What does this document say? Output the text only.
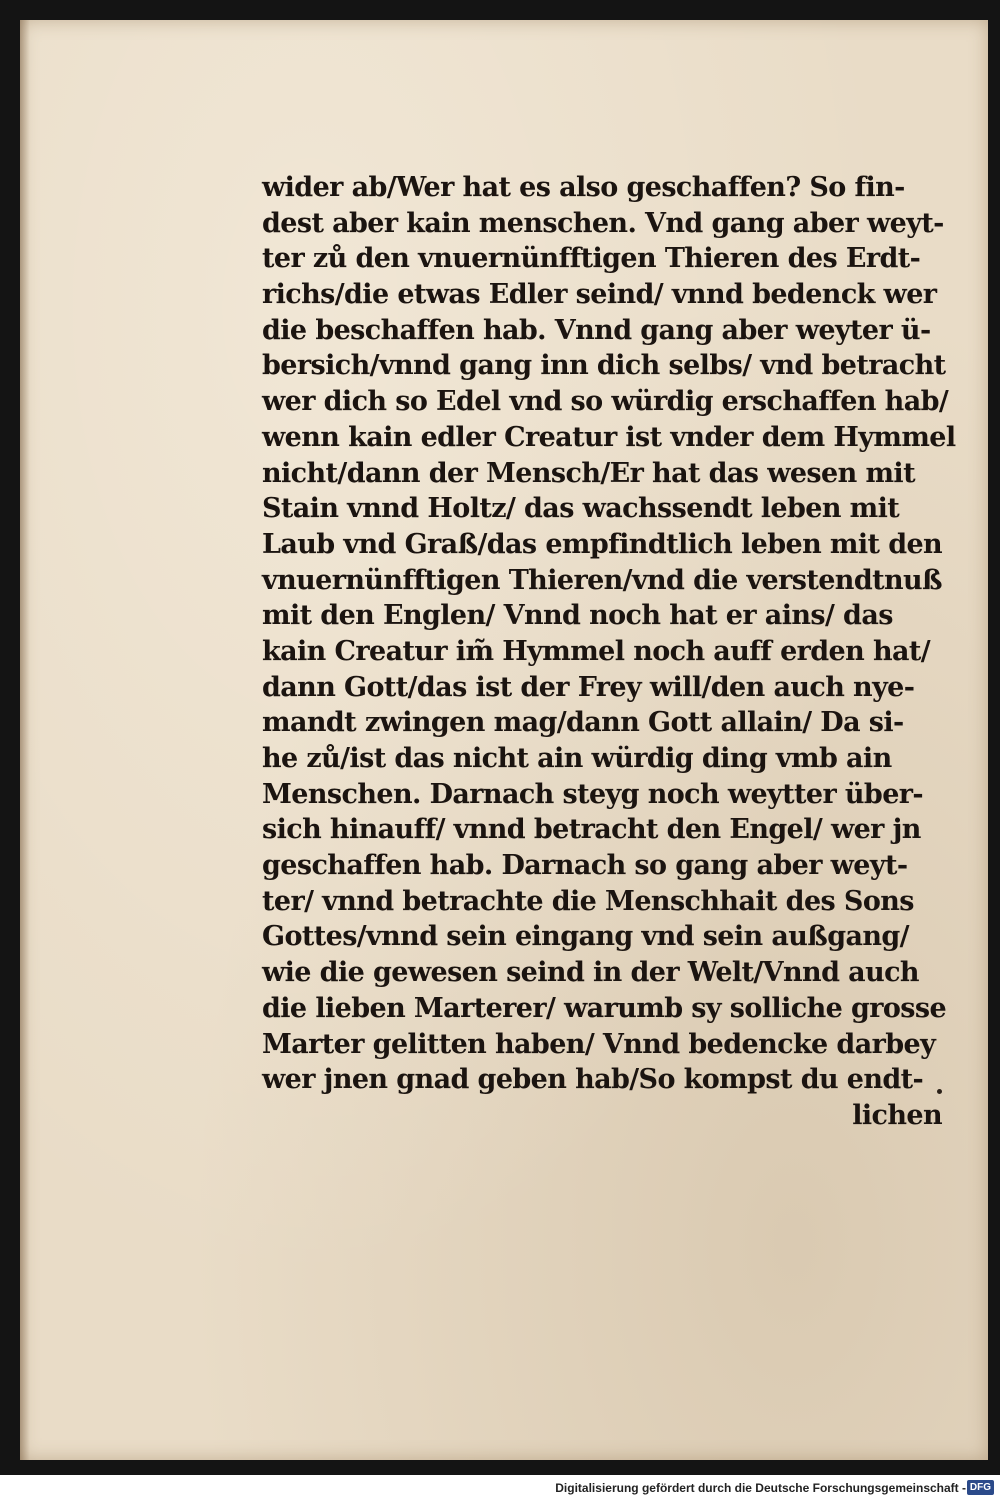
wider ab/Wer hat es also geschaffen? So fin-
dest aber kain menschen. Vnd gang aber weyt-
ter zů den vnuernünfftigen Thieren des Erdt-
richs/die etwas Edler seind/ vnnd bedenck wer
die beschaffen hab. Vnnd gang aber weyter ü-
bersich/vnnd gang inn dich selbs/ vnd betracht
wer dich so Edel vnd so würdig erschaffen hab/
wenn kain edler Creatur ist vnder dem Hymmel
nicht/dann der Mensch/Er hat das wesen mit
Stain vnnd Holtz/ das wachssendt leben mit
Laub vnd Graß/das empfindtlich leben mit den
vnuernünfftigen Thieren/vnd die verstendtnuß
mit den Englen/ Vnnd noch hat er ains/ das
kain Creatur im̃ Hymmel noch auff erden hat/
dann Gott/das ist der Frey will/den auch nye-
mandt zwingen mag/dann Gott allain/ Da si-
he zů/ist das nicht ain würdig ding vmb ain
Menschen. Darnach steyg noch weytter über-
sich hinauff/ vnnd betracht den Engel/ wer jn
geschaffen hab. Darnach so gang aber weyt-
ter/ vnnd betrachte die Menschhait des Sons
Gottes/vnnd sein eingang vnd sein außgang/
wie die gewesen seind in der Welt/Vnnd auch
die lieben Marterer/ warumb sy solliche grosse
Marter gelitten haben/ Vnnd bedencke darbey
wer jnen gnad geben hab/So kompst du endt-
lichen
Digitalisierung gefördert durch die Deutsche Forschungsgemeinschaft - DFG
